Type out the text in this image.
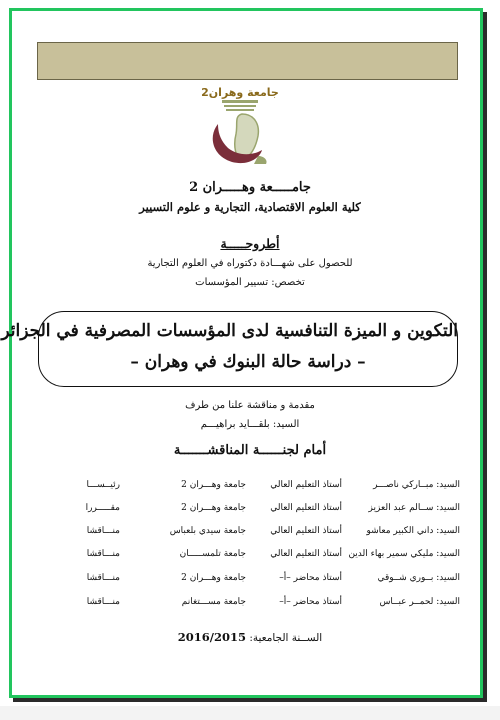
جامعة وهران2
جامـــــعة وهـــــران 2
كلية العلوم الاقتصادية، التجارية و علوم التسيير
أطروحـــــة
للحصول على شهـــادة دكتوراه في العلوم التجارية
تخصص: تسيير المؤسسات
التكوين و الميزة التنافسية لدى المؤسسات المصرفية في الجزائر
– دراسة حالة البنوك في وهران –
مقدمة و مناقشة علنا من طرف
السيد: بلقـــايد براهيـــم
أمام لجنــــــة المناقشـــــــة
السيد: مبــاركي ناصـــر
أستاذ التعليم العالي
جامعة وهـــران 2
رئيــســـا
السيد: ســالم عبد العزيز
أستاذ التعليم العالي
جامعة وهـــران 2
مقـــــررا
السيد: داني الكبير معاشو
أستاذ التعليم العالي
جامعة سيدي بلعباس
منـــاقشا
السيد: مليكي سمير بهاء الدين
أستاذ التعليم العالي
جامعة تلمســـــان
منـــاقشا
السيد: بــوري شــوقي
أستاذ محاضر –أ–
جامعة وهـــران 2
منـــاقشا
السيد: لحمــر عبــاس
أستاذ محاضر –أ–
جامعة مســـتغانم
منـــاقشا
الســنة الجامعية: 2016/2015
